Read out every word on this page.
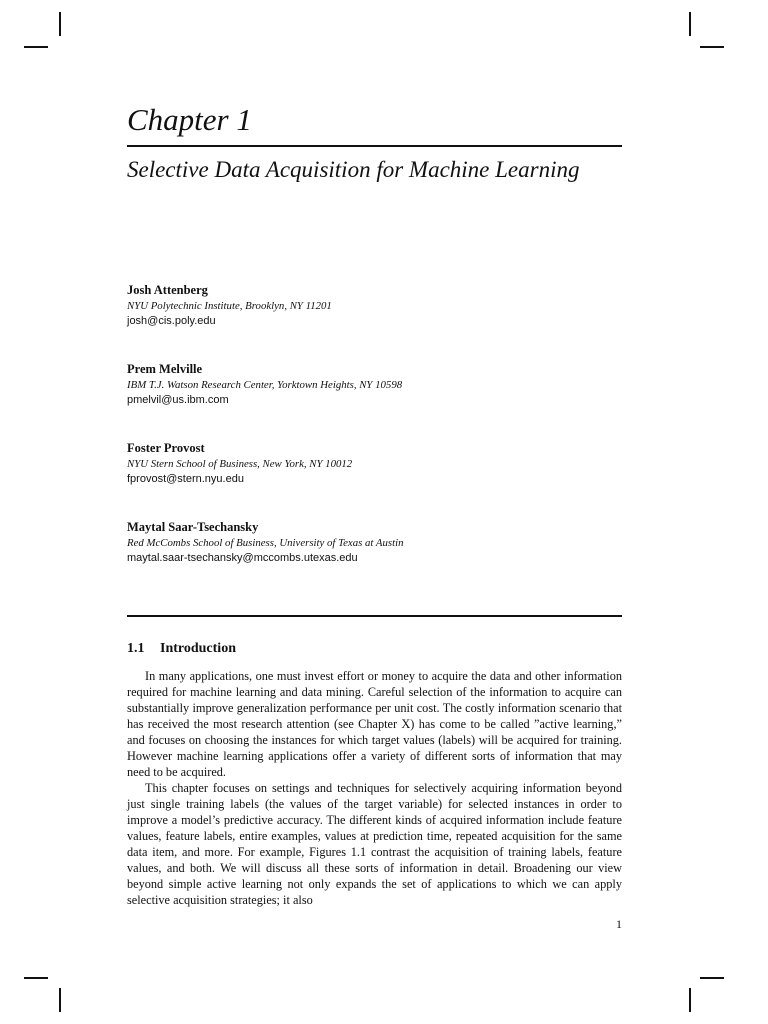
Chapter 1
Selective Data Acquisition for Machine Learning
Josh Attenberg
NYU Polytechnic Institute, Brooklyn, NY 11201
josh@cis.poly.edu
Prem Melville
IBM T.J. Watson Research Center, Yorktown Heights, NY 10598
pmelvil@us.ibm.com
Foster Provost
NYU Stern School of Business, New York, NY 10012
fprovost@stern.nyu.edu
Maytal Saar-Tsechansky
Red McCombs School of Business, University of Texas at Austin
maytal.saar-tsechansky@mccombs.utexas.edu
1.1 Introduction

In many applications, one must invest effort or money to acquire the data and other information required for machine learning and data mining. Careful selection of the information to acquire can substantially improve generalization performance per unit cost. The costly information scenario that has received the most research attention (see Chapter X) has come to be called ”active learning,” and focuses on choosing the instances for which target values (labels) will be acquired for training. However machine learning applications offer a variety of different sorts of information that may need to be acquired.

This chapter focuses on settings and techniques for selectively acquiring information beyond just single training labels (the values of the target variable) for selected instances in order to improve a model’s predictive accuracy. The different kinds of acquired information include feature values, feature labels, entire examples, values at prediction time, repeated acquisition for the same data item, and more. For example, Figures 1.1 contrast the acquisition of training labels, feature values, and both. We will discuss all these sorts of information in detail. Broadening our view beyond simple active learning not only expands the set of applications to which we can apply selective acquisition strategies; it also

1
